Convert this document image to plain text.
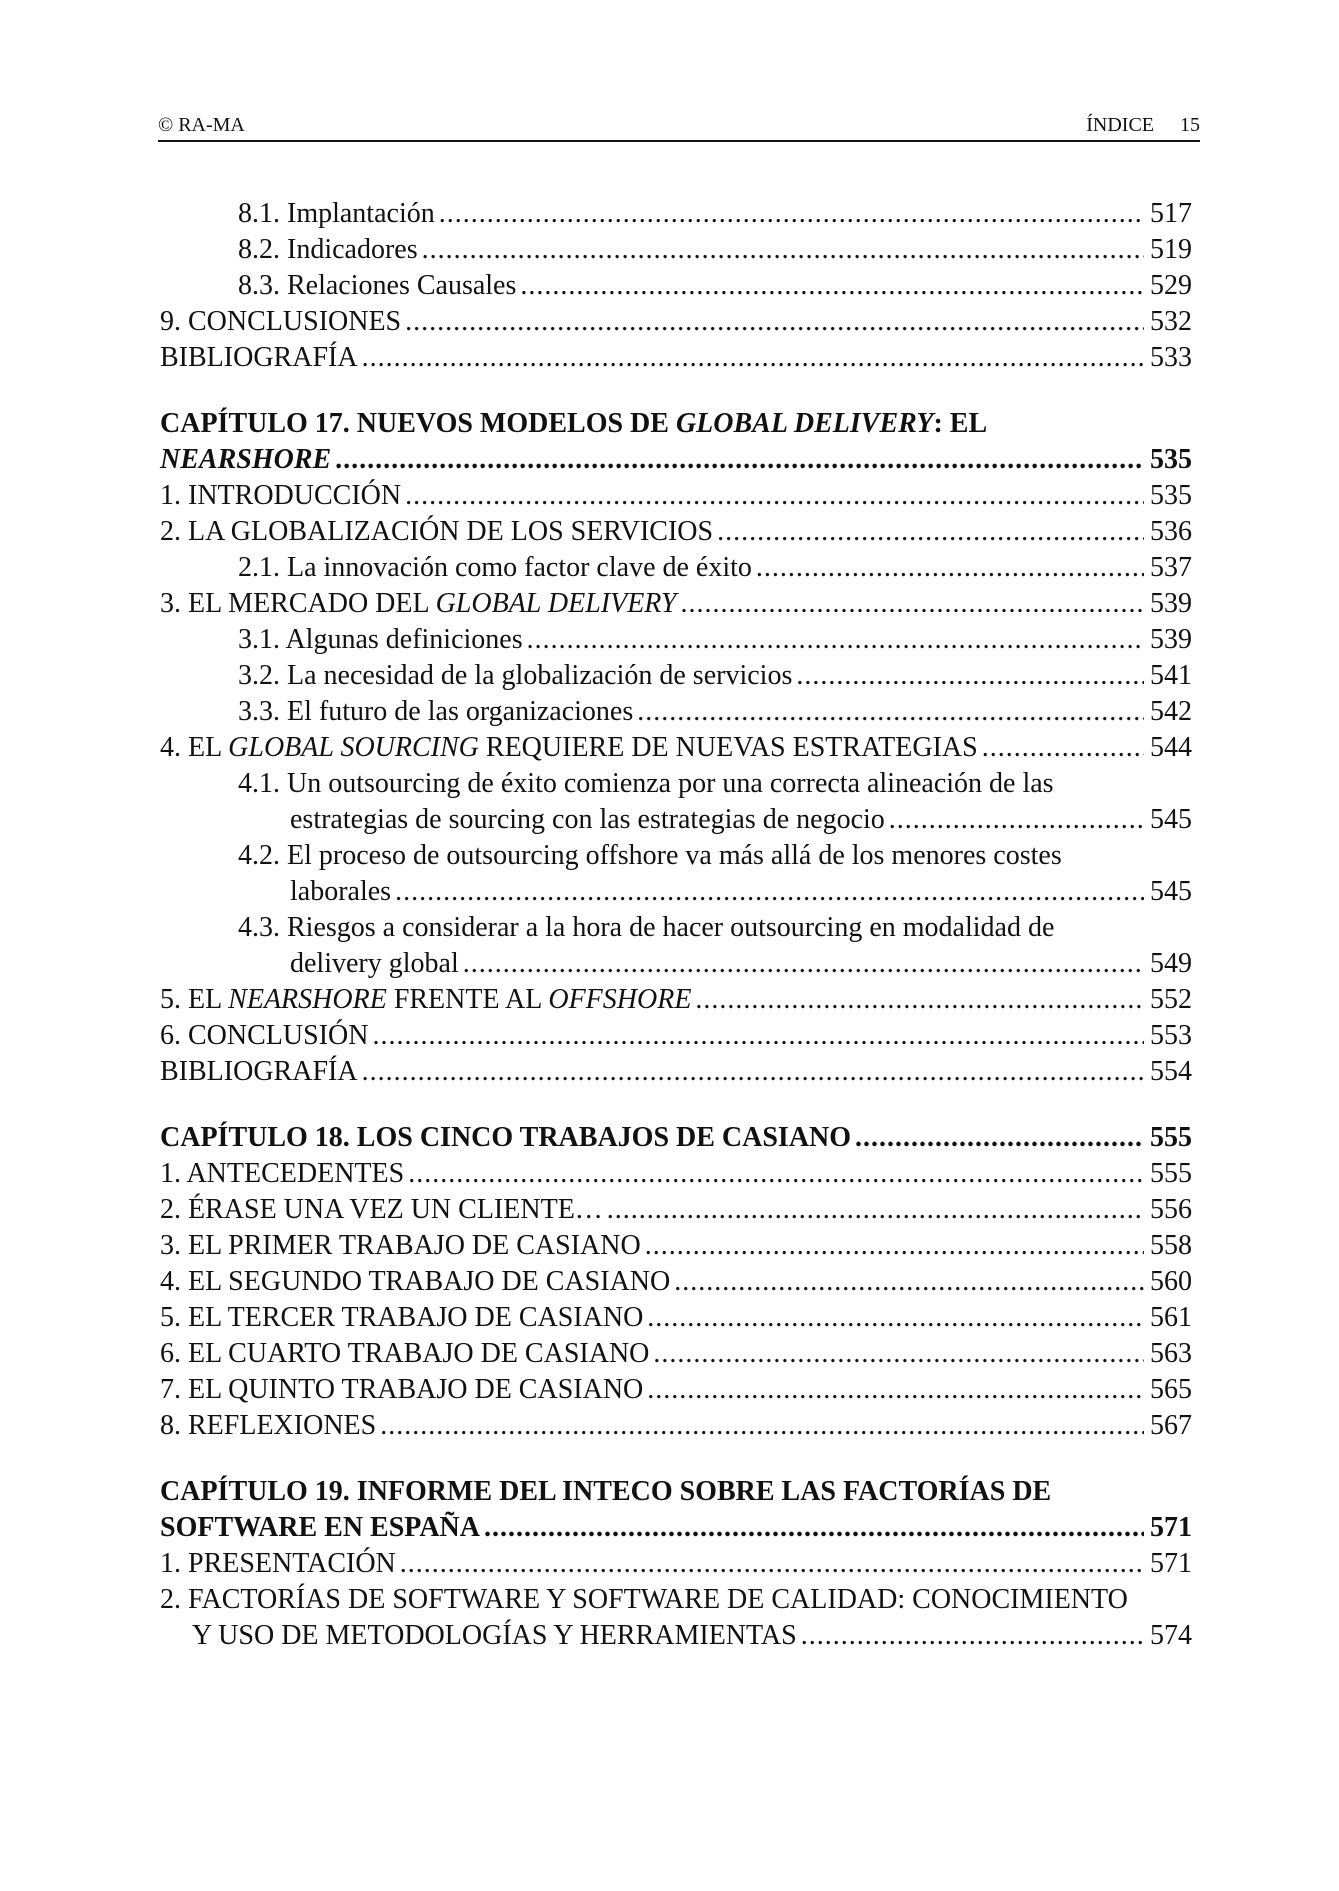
© RA-MA	ÍNDICE 15
8.1. Implantación .....	517
8.2. Indicadores .....	519
8.3. Relaciones Causales .....	529
9. CONCLUSIONES .....	532
BIBLIOGRAFÍA .....	533
CAPÍTULO 17. NUEVOS MODELOS DE GLOBAL DELIVERY: EL
NEARSHORE .....	535
1. INTRODUCCIÓN .....	535
2. LA GLOBALIZACIÓN DE LOS SERVICIOS .....	536
2.1. La innovación como factor clave de éxito .....	537
3. EL MERCADO DEL GLOBAL DELIVERY .....	539
3.1. Algunas definiciones .....	539
3.2. La necesidad de la globalización de servicios .....	541
3.3. El futuro de las organizaciones .....	542
4. EL GLOBAL SOURCING REQUIERE DE NUEVAS ESTRATEGIAS .....	544
4.1. Un outsourcing de éxito comienza por una correcta alineación de las
estrategias de sourcing con las estrategias de negocio .....	545
4.2. El proceso de outsourcing offshore va más allá de los menores costes
laborales .....	545
4.3. Riesgos a considerar a la hora de hacer outsourcing en modalidad de
delivery global .....	549
5. EL NEARSHORE FRENTE AL OFFSHORE .....	552
6. CONCLUSIÓN .....	553
BIBLIOGRAFÍA .....	554
CAPÍTULO 18. LOS CINCO TRABAJOS DE CASIANO .....	555
1. ANTECEDENTES .....	555
2. ÉRASE UNA VEZ UN CLIENTE… .....	556
3. EL PRIMER TRABAJO DE CASIANO .....	558
4. EL SEGUNDO TRABAJO DE CASIANO .....	560
5. EL TERCER TRABAJO DE CASIANO .....	561
6. EL CUARTO TRABAJO DE CASIANO .....	563
7. EL QUINTO TRABAJO DE CASIANO .....	565
8. REFLEXIONES .....	567
CAPÍTULO 19. INFORME DEL INTECO SOBRE LAS FACTORÍAS DE
SOFTWARE EN ESPAÑA .....	571
1. PRESENTACIÓN .....	571
2. FACTORÍAS DE SOFTWARE Y SOFTWARE DE CALIDAD: CONOCIMIENTO
Y USO DE METODOLOGÍAS Y HERRAMIENTAS .....	574
